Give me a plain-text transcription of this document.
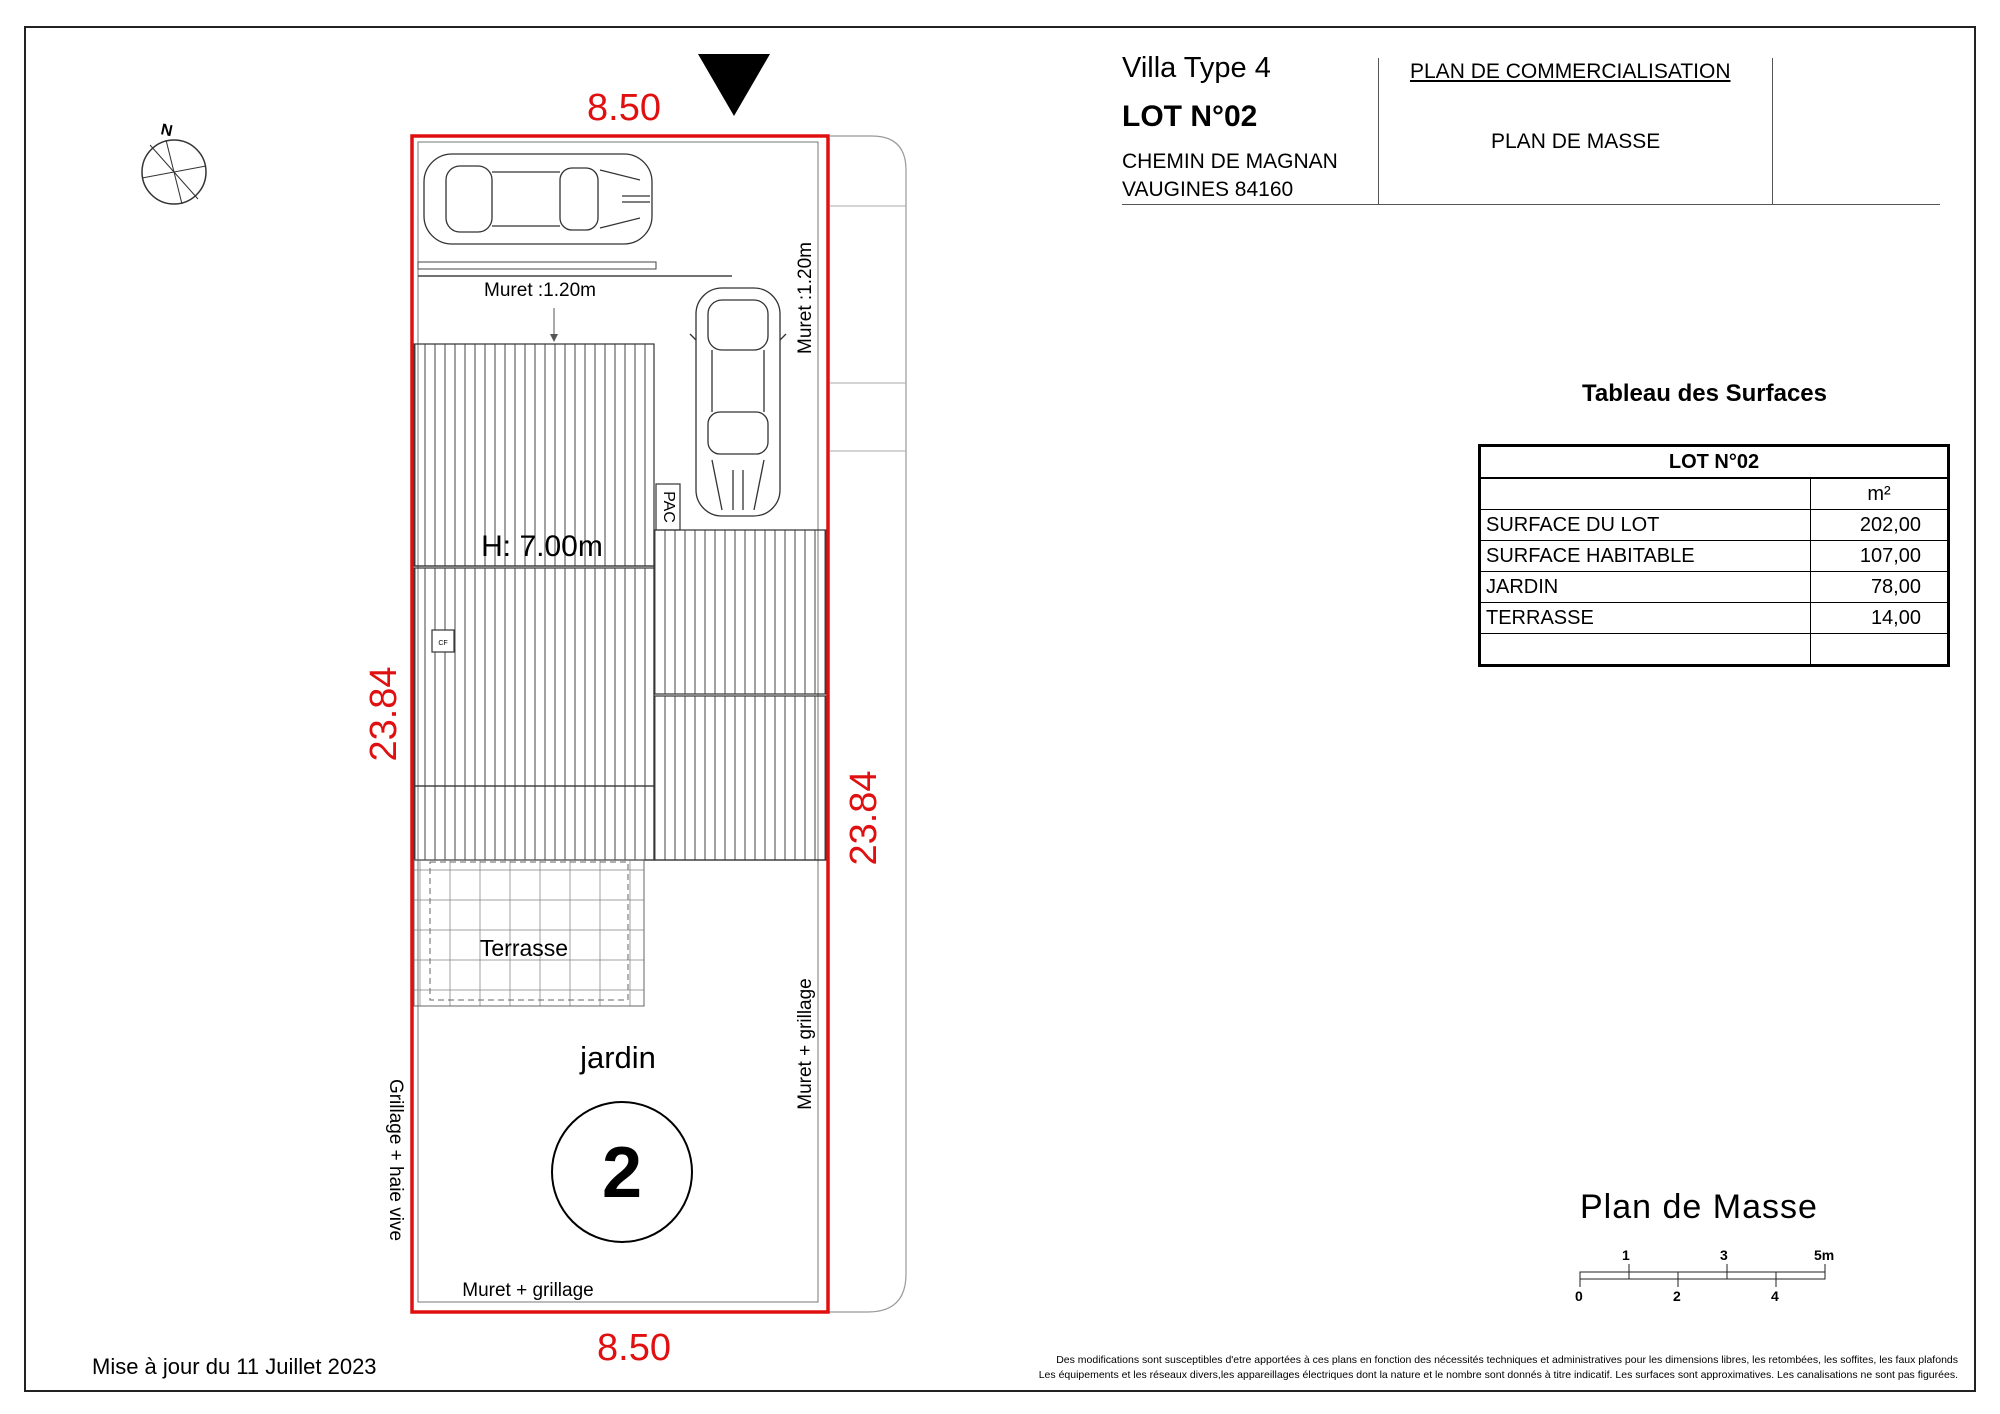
N
8.50
8.50
23.84
23.84
Muret :1.20m	Muret :1.20m
PAC
H: 7.00m
CF
Terrasse
jardin
2
Muret + grillage
Muret + grillage
Grillage + haie vive
Villa Type 4
LOT N°02
CHEMIN DE MAGNAN
VAUGINES 84160
PLAN DE COMMERCIALISATION
PLAN DE MASSE
Tableau des Surfaces
LOT N°02	
	m²
SURFACE DU LOT	202,00
SURFACE HABITABLE	107,00
JARDIN	78,00
TERRASSE	14,00

Plan de Masse
1	3	5m
0	2	4
Mise à jour du 11 Juillet 2023	Des modifications sont susceptibles d'etre apportées à ces plans en fonction des nécessités techniques et administratives pour les dimensions libres, les retombées, les soffites, les faux plafonds
Les équipements et les réseaux divers,les appareillages électriques dont la nature et le nombre sont donnés à titre indicatif. Les surfaces sont approximatives. Les canalisations ne sont pas figurées.
